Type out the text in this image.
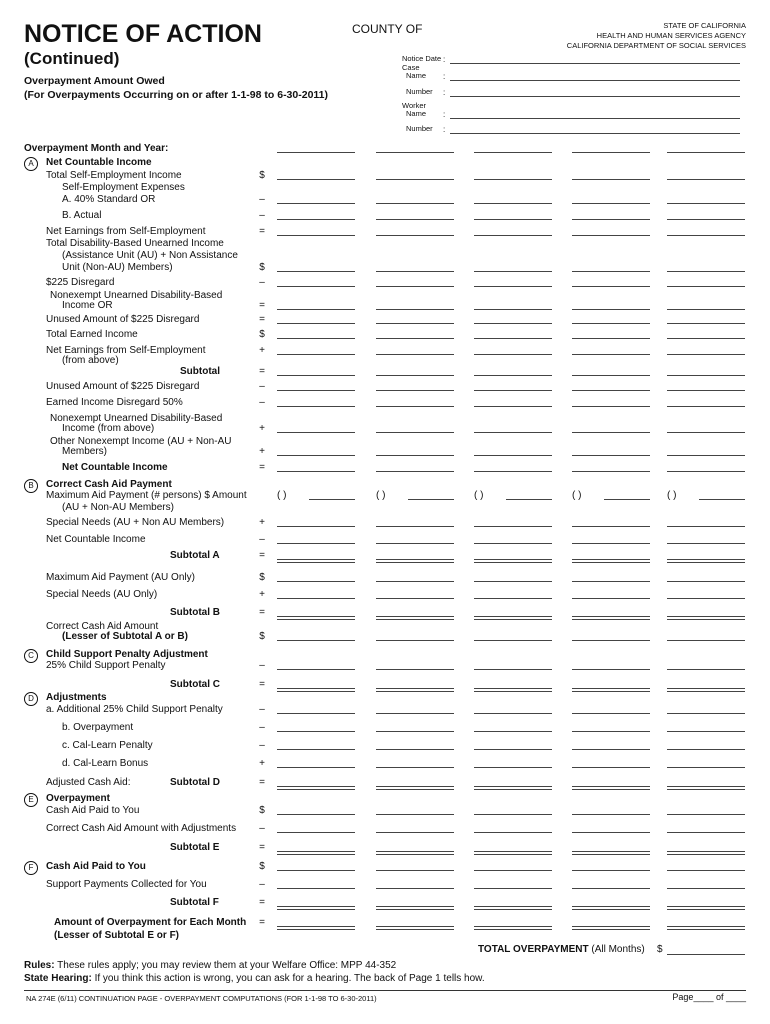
NOTICE OF ACTION
(Continued)
Overpayment Amount Owed
(For Overpayments Occurring on or after 1-1-98 to 6-30-2011)
COUNTY OF	STATE OF CALIFORNIA
HEALTH AND HUMAN SERVICES AGENCY
CALIFORNIA DEPARTMENT OF SOCIAL SERVICES
Notice Date :
Case
Name :
Number :
Worker
Name :
Number :
A
B
C
D
E
F
Overpayment Month and Year:
Net Countable Income
Total Self-Employment Income	$
Self-Employment Expenses
A. 40% Standard OR	–
B. Actual	–
Net Earnings from Self-Employment	=
Total Disability-Based Unearned Income
(Assistance Unit (AU) + Non Assistance
Unit (Non-AU) Members)	$
$225 Disregard	–
Nonexempt Unearned Disability-Based
Income OR	=
Unused Amount of $225 Disregard	=
Total Earned Income	$
Net Earnings from Self-Employment	+
(from above)
Subtotal	=
Unused Amount of $225 Disregard	–
Earned Income Disregard 50%	–
Nonexempt Unearned Disability-Based
Income (from above)	+
Other Nonexempt Income (AU + Non-AU
Members)	+
Net Countable Income	=
Correct Cash Aid Payment
Maximum Aid Payment (# persons) $ Amount	( )	( )	( )	( )	( )
(AU + Non-AU Members)
Special Needs (AU + Non AU Members)	+
Net Countable Income	–
Subtotal A	=
Maximum Aid Payment (AU Only)	$
Special Needs (AU Only)	+
Subtotal B	=
Correct Cash Aid Amount
(Lesser of Subtotal A or B)	$
Child Support Penalty Adjustment
25% Child Support Penalty	–
Subtotal C	=
Adjustments
a. Additional 25% Child Support Penalty	–
b. Overpayment	–
c. Cal-Learn Penalty	–
d. Cal-Learn Bonus	+
Adjusted Cash Aid:	Subtotal D	=
Overpayment
Cash Aid Paid to You	$
Correct Cash Aid Amount with Adjustments	–
Subtotal E	=
Cash Aid Paid to You	$
Support Payments Collected for You	–
Subtotal F	=
Amount of Overpayment for Each Month	=
(Lesser of Subtotal E or F)
TOTAL OVERPAYMENT (All Months) $
Rules: These rules apply; you may review them at your Welfare Office: MPP 44-352
State Hearing: If you think this action is wrong, you can ask for a hearing. The back of Page 1 tells how.
NA 274E (6/11) CONTINUATION PAGE - OVERPAYMENT COMPUTATIONS (FOR 1-1-98 TO 6-30-2011)	Page____ of ____
